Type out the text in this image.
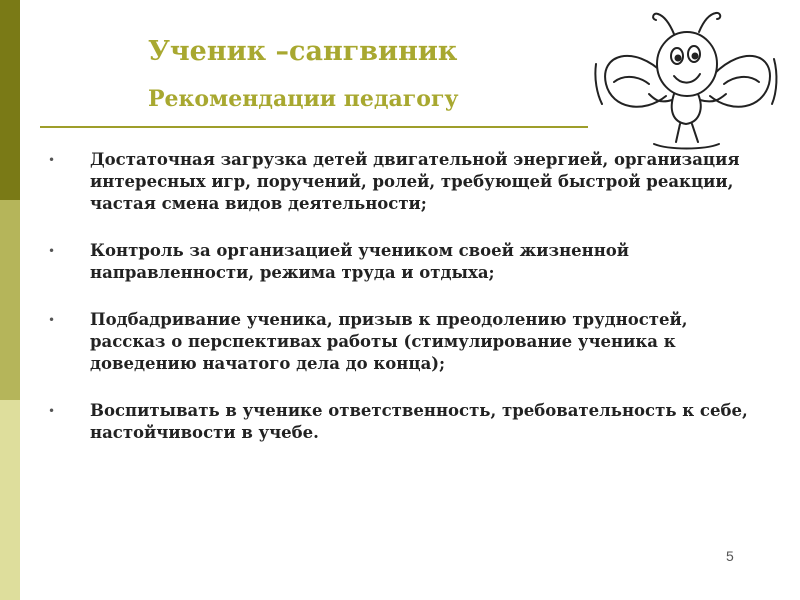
Ученик –сангвиник
Рекомендации педагогу
• Достаточная загрузка детей двигательной энергией, организация интересных игр, поручений, ролей, требующей быстрой реакции, частая смена видов деятельности;
• Контроль за организацией учеником своей жизненной направленности, режима труда и отдыха;
• Подбадривание ученика, призыв к преодолению трудностей, рассказ о перспективах работы (стимулирование ученика к доведению начатого дела до конца);
• Воспитывать в ученике ответственность, требовательность к себе, настойчивости в учебе.
5
